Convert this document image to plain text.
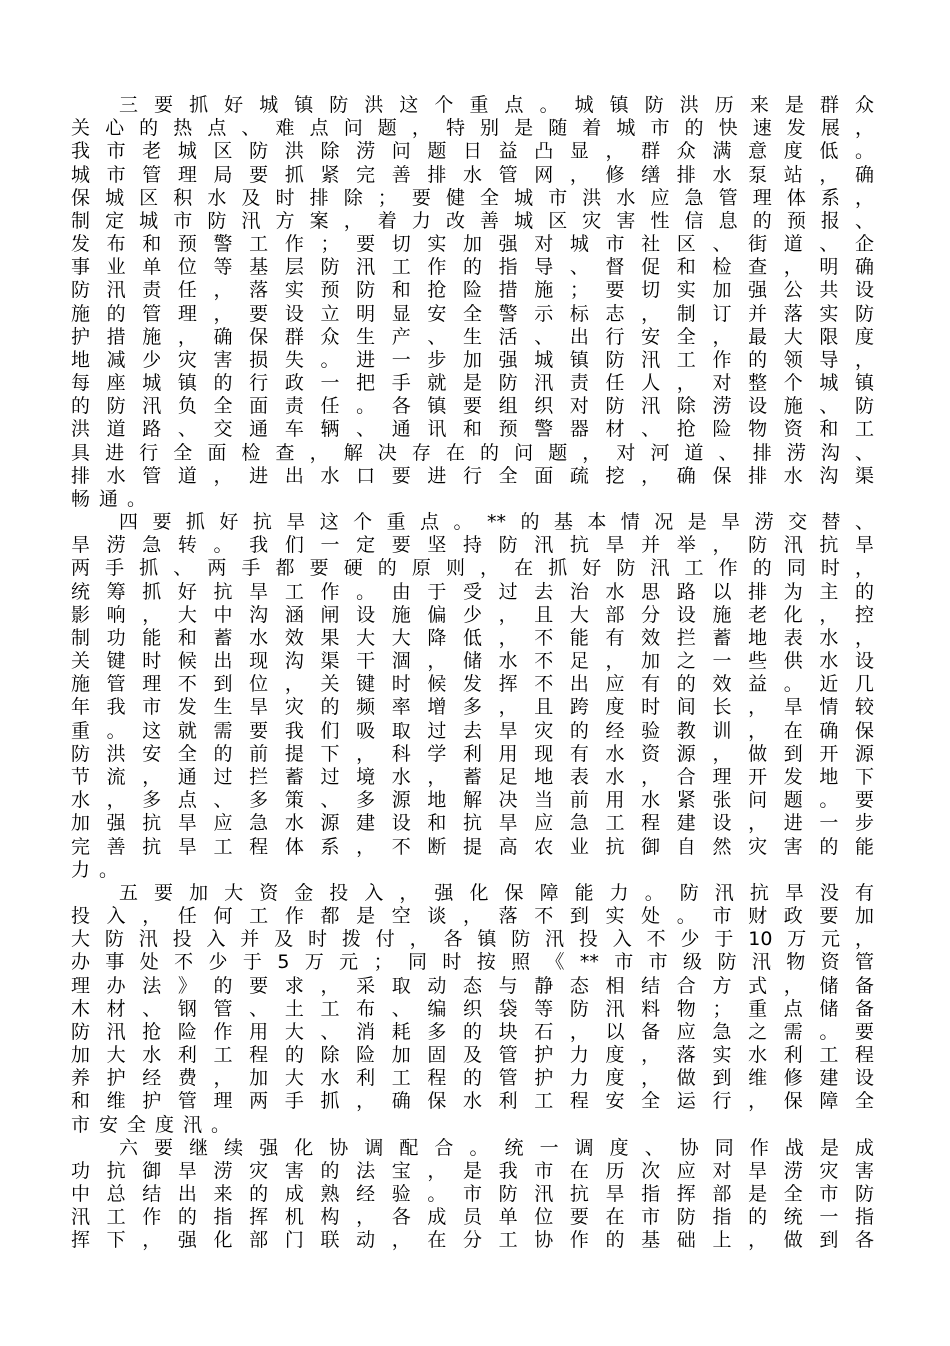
三要抓好城镇防洪这个重点。城镇防洪历来是群众
关心的热点、难点问题，特别是随着城市的快速发展，
我市老城区防洪除涝问题日益凸显，群众满意度低。
城市管理局要抓紧完善排水管网，修缮排水泵站，确
保城区积水及时排除；要健全城市洪水应急管理体系，
制定城市防汛方案，着力改善城区灾害性信息的预报、
发布和预警工作；要切实加强对城市社区、街道、企
事业单位等基层防汛工作的指导、督促和检查，明确
防汛责任，落实预防和抢险措施；要切实加强公共设
施的管理，要设立明显安全警示标志，制订并落实防
护措施，确保群众生产、生活、出行安全，最大限度
地减少灾害损失。进一步加强城镇防汛工作的领导，
每座城镇的行政一把手就是防汛责任人，对整个城镇
的防汛负全面责任。各镇要组织对防汛除涝设施、防
洪道路、交通车辆、通讯和预警器材、抢险物资和工
具进行全面检查，解决存在的问题，对河道、排涝沟、
排水管道，进出水口要进行全面疏挖，确保排水沟渠
畅通。
四要抓好抗旱这个重点。**的基本情况是旱涝交替、
旱涝急转。我们一定要坚持防汛抗旱并举，防汛抗旱
两手抓、两手都要硬的原则，在抓好防汛工作的同时，
统筹抓好抗旱工作。由于受过去治水思路以排为主的
影响，大中沟涵闸设施偏少，且大部分设施老化，控
制功能和蓄水效果大大降低，不能有效拦蓄地表水，
关键时候出现沟渠干涸，储水不足，加之一些供水设
施管理不到位，关键时候发挥不出应有的效益。近几
年我市发生旱灾的频率增多，且跨度时间长，旱情较
重。这就需要我们吸取过去旱灾的经验教训，在确保
防洪安全的前提下，科学利用现有水资源，做到开源
节流，通过拦蓄过境水，蓄足地表水，合理开发地下
水，多点、多策、多源地解决当前用水紧张问题。要
加强抗旱应急水源建设和抗旱应急工程建设，进一步
完善抗旱工程体系，不断提高农业抗御自然灾害的能
力。
五要加大资金投入，强化保障能力。防汛抗旱没有
投入，任何工作都是空谈，落不到实处。市财政要加
大防汛投入并及时拨付，各镇防汛投入不少于10万元，
办事处不少于5万元；同时按照《**市市级防汛物资管
理办法》的要求，采取动态与静态相结合方式，储备
木材、钢管、土工布、编织袋等防汛料物；重点储备
防汛抢险作用大、消耗多的块石，以备应急之需。要
加大水利工程的除险加固及管护力度，落实水利工程
养护经费，加大水利工程的管护力度，做到维修建设
和维护管理两手抓，确保水利工程安全运行，保障全
市安全度汛。
六要继续强化协调配合。统一调度、协同作战是成
功抗御旱涝灾害的法宝，是我市在历次应对旱涝灾害
中总结出来的成熟经验。市防汛抗旱指挥部是全市防
汛工作的指挥机构，各成员单位要在市防指的统一指
挥下，强化部门联动，在分工协作的基础上，做到各
